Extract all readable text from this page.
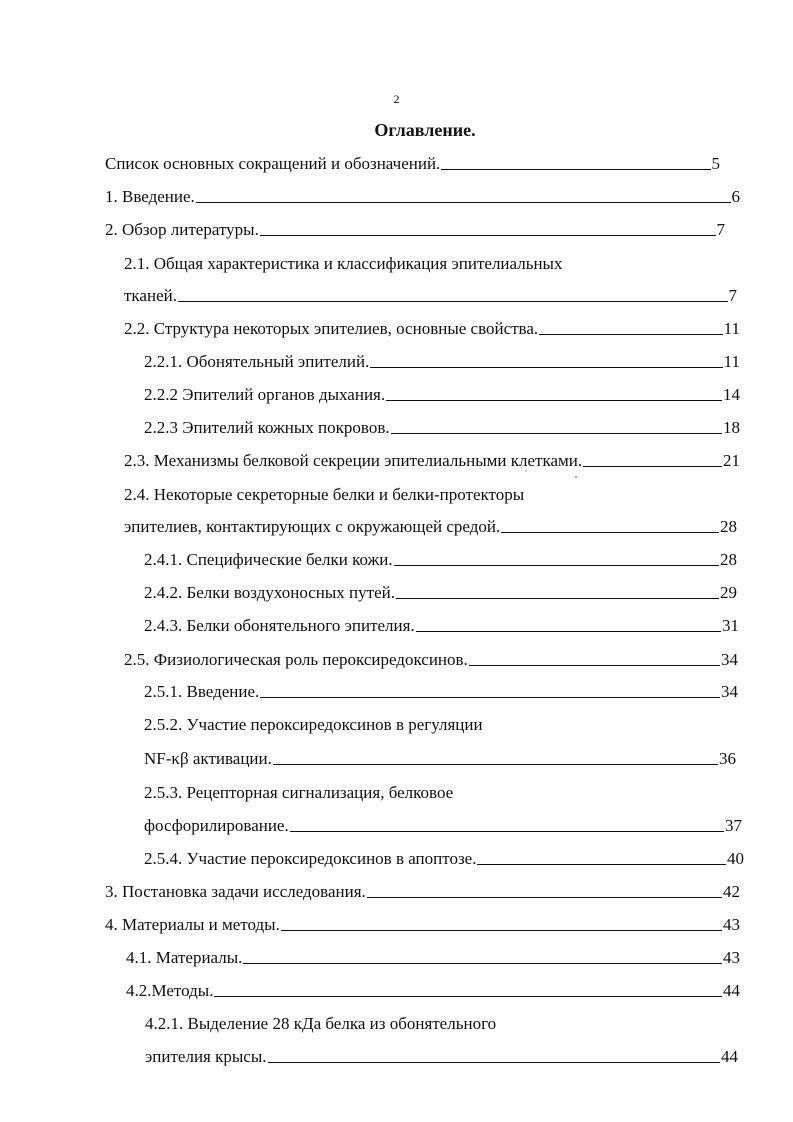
2
Оглавление.
Список основных сокращений и обозначений.	5
1. Введение.	6
2. Обзор литературы.	7
2.1. Общая характеристика и классификация эпителиальных
тканей.	7
2.2. Структура некоторых эпителиев, основные свойства.	11
2.2.1. Обонятельный эпителий.	11
2.2.2 Эпителий органов дыхания.	14
2.2.3 Эпителий кожных покровов.	18
2.3. Механизмы белковой секреции эпителиальными клетками.	21
2.4. Некоторые секреторные белки и белки-протекторы
эпителиев, контактирующих с окружающей средой.	28
2.4.1. Специфические белки кожи.	28
2.4.2. Белки воздухоносных путей.	29
2.4.3. Белки обонятельного эпителия.	31
2.5. Физиологическая роль пероксиредоксинов.	34
2.5.1. Введение.	34
2.5.2. Участие пероксиредоксинов в регуляции
NF-κβ активации.	36
2.5.3. Рецепторная сигнализация, белковое
фосфорилирование.	37
2.5.4. Участие пероксиредоксинов в апоптозе.	40
3. Постановка задачи исследования.	42
4. Материалы и методы.	43
4.1. Материалы.	43
4.2.Методы.	44
4.2.1. Выделение 28 кДа белка из обонятельного
эпителия крысы.	44
